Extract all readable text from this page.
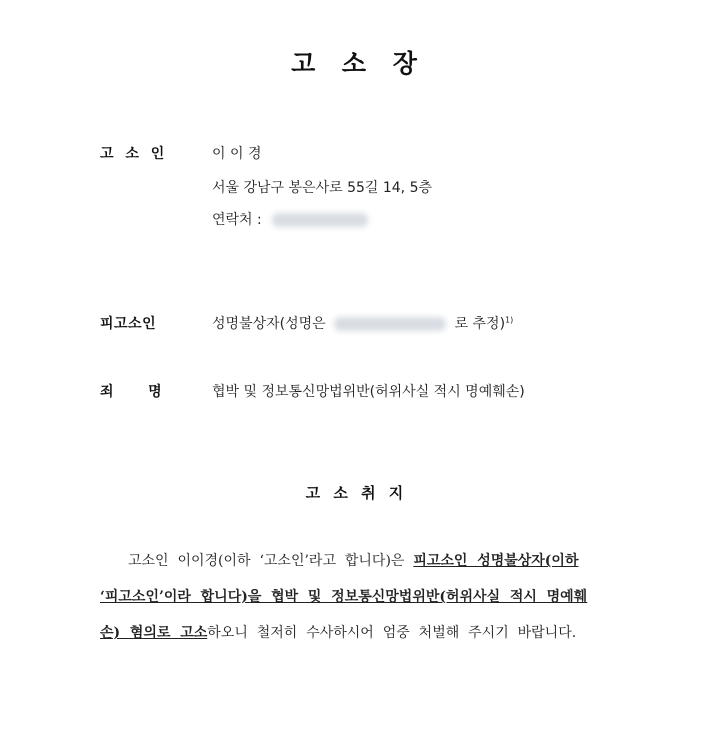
고 소 장
고 소 인	이 이 경
서울 강남구 봉은사로 55길 14, 5층
연락처 :
피고소인	성명불상자(성명은	로 추정)$^{1)}$
죄   명	협박 및 정보통신망법위반(허위사실 적시 명예훼손)
고 소 취 지
고소인  이이경(이하  ‘고소인’라고  합니다)은  피고소인  성명불상자(이하
‘피고소인’이라  합니다)을  협박  및  정보통신망법위반(허위사실  적시  명예훼
손)  혐의로  고소하오니  철저히  수사하시어  엄중  처벌해  주시기  바랍니다.
